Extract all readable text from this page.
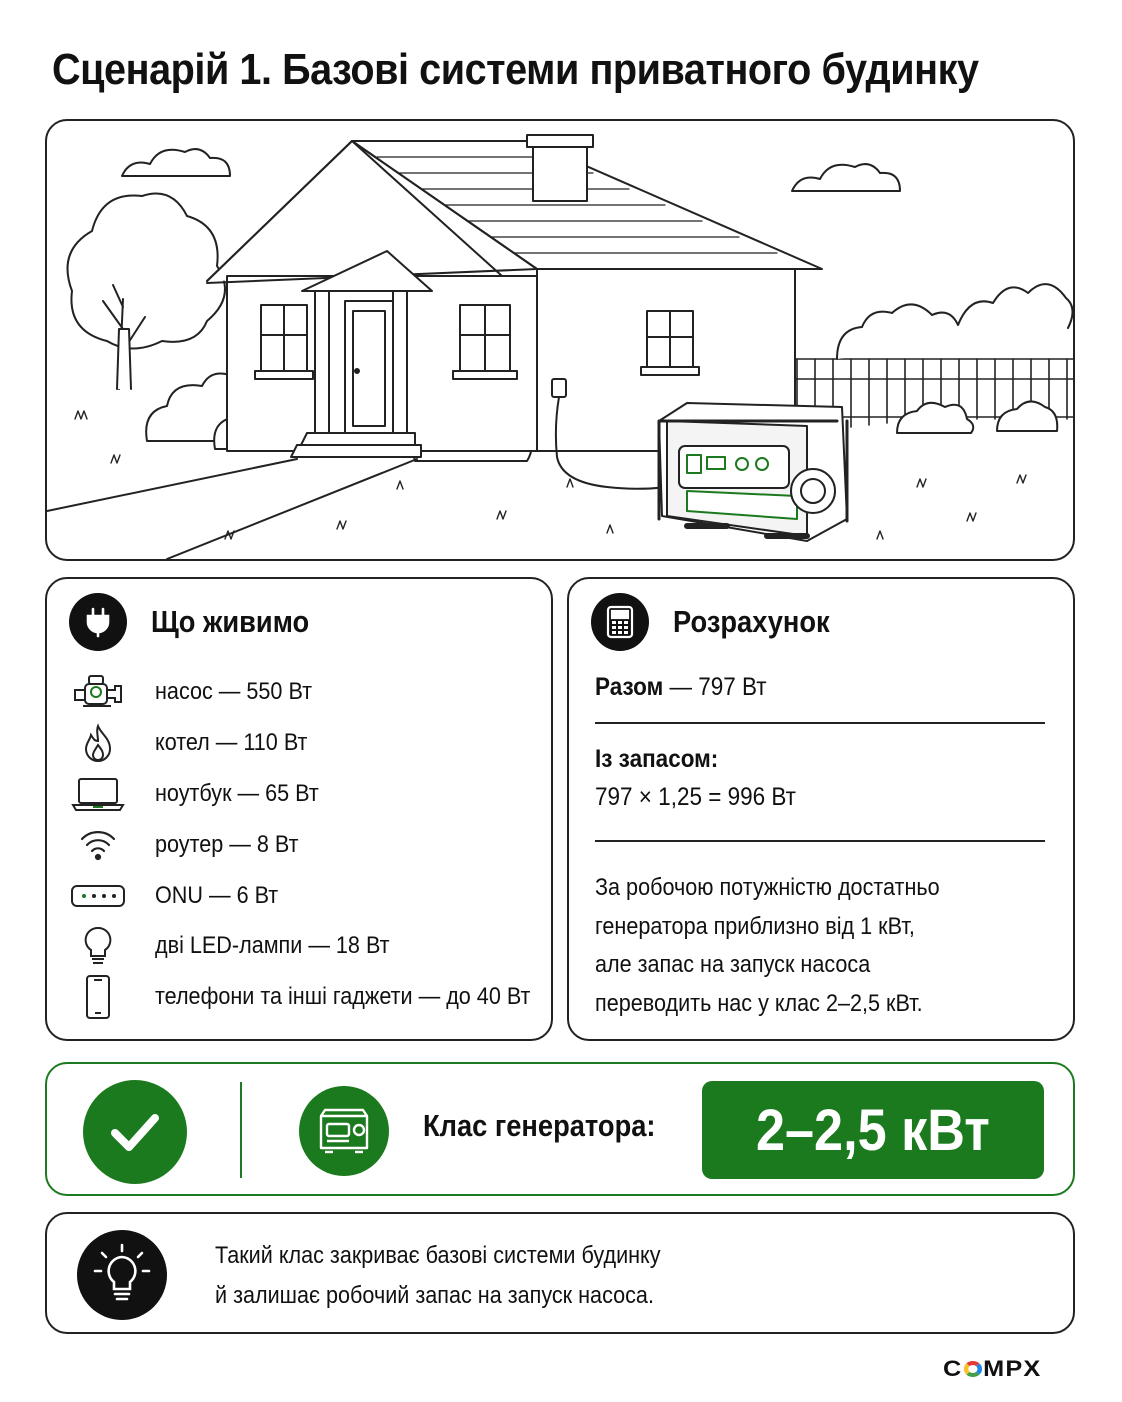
Сценарій 1. Базові системи приватного будинку
Що живимо
насос — 550 Вт
котел — 110 Вт
ноутбук — 65 Вт
роутер — 8 Вт
ONU — 6 Вт
дві LED-лампи — 18 Вт
телефони та інші гаджети — до 40 Вт
Розрахунок
Разом — 797 Вт
Із запасом:
797 × 1,25 = 996 Вт
За робочою потужністю достатньо
генератора приблизно від 1 кВт,
але запас на запуск насоса
переводить нас у клас 2–2,5 кВт.
Клас генератора: 2–2,5 кВт
Такий клас закриває базові системи будинку
й залишає робочий запас на запуск насоса.
C MPX
